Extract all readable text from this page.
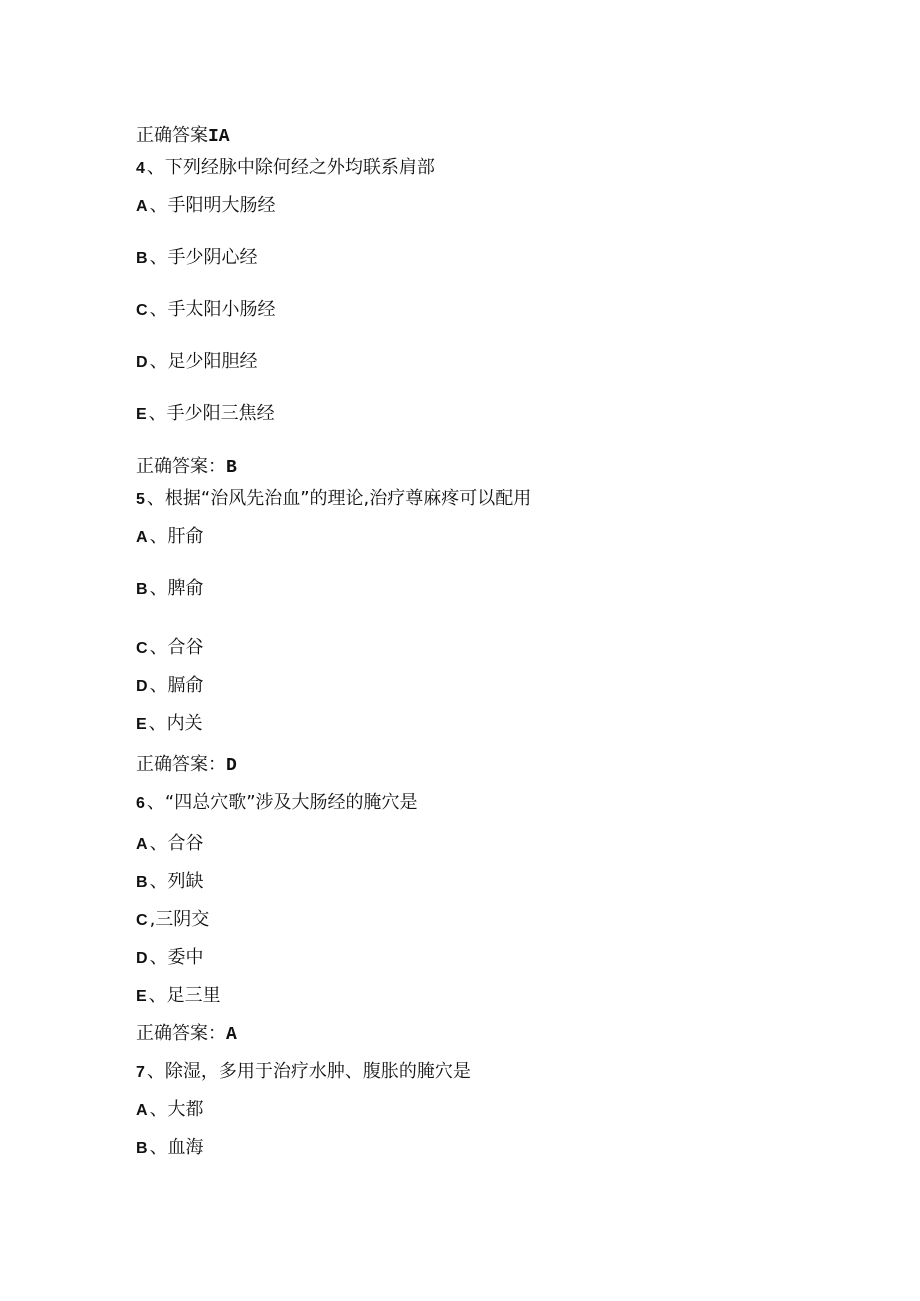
正确答案IA
4 、下列经脉中除何经之外均联系肩部
A 、手阳明大肠经
B 、手少阴心经
C 、手太阳小肠经
D 、足少阳胆经
E 、手少阳三焦经
正确答案：B
5 、根据“治风先治血”的理论,治疗尊麻疼可以配用
A 、肝俞
B 、脾俞
C 、合谷
D 、膈俞
E 、内关
正确答案：D
6 、“四总穴歌”涉及大肠经的腌穴是
A 、合谷
B 、列缺
C ,三阴交
D 、委中
E 、足三里
正确答案：A
7 、除湿，多用于治疗水肿、腹胀的腌穴是
A 、大都
B 、血海
